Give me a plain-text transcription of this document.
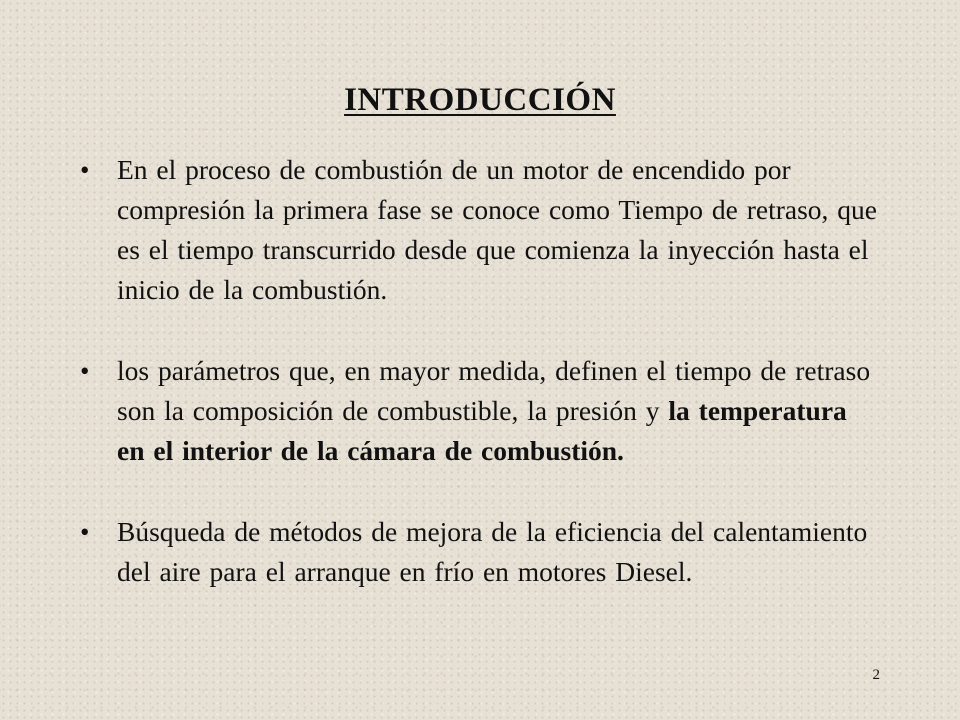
INTRODUCCIÓN
• En el proceso de combustión de un motor de encendido por compresión la primera fase se conoce como Tiempo de retraso, que es el tiempo transcurrido desde que comienza la inyección hasta el inicio de la combustión.
• los parámetros que, en mayor medida, definen el tiempo de retraso son la composición de combustible, la presión y la temperatura en el interior de la cámara de combustión.
• Búsqueda de métodos de mejora de la eficiencia del calentamiento del aire para el arranque en frío en motores Diesel.
2
